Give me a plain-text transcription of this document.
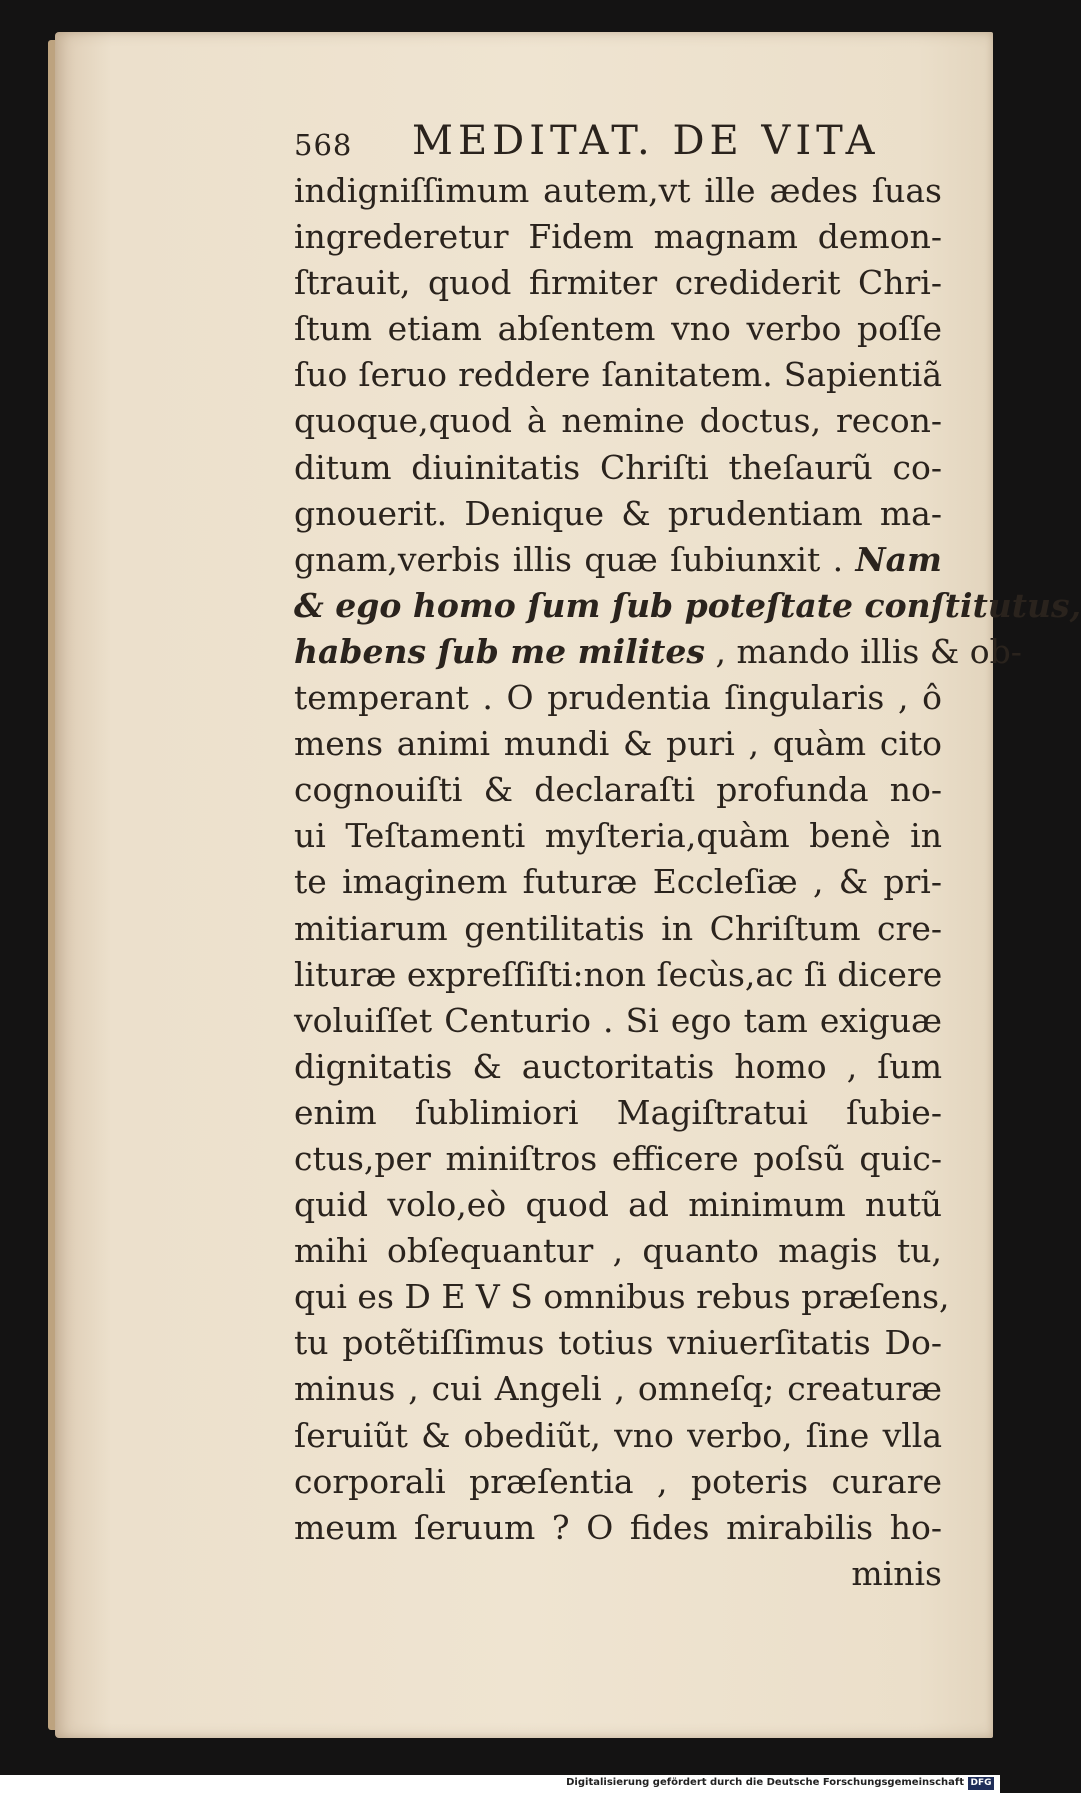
568 MEDITAT. DE VITA
indigniſſimum autem,vt ille ædes ſuas
ingrederetur Fidem magnam demon-
ſtrauit, quod firmiter crediderit Chri-
ſtum etiam abſentem vno verbo poſſe
ſuo ſeruo reddere ſanitatem. Sapientiã
quoque,quod à nemine doctus, recon-
ditum diuinitatis Chriſti theſaurũ co-
gnouerit. Denique & prudentiam ma-
gnam,verbis illis quæ ſubiunxit . Nam
& ego homo ſum ſub poteſtate conſtitutus,
habens ſub me milites , mando illis & ob-
temperant . O prudentia ſingularis , ô
mens animi mundi & puri , quàm cito
cognouiſti & declaraſti profunda no-
ui Teſtamenti myſteria,quàm benè in
te imaginem futuræ Eccleſiæ , & pri-
mitiarum gentilitatis in Chriſtum cre-
lituræ expreſſiſti:non ſecùs,ac ſi dicere
voluiſſet Centurio . Si ego tam exiguæ
dignitatis & auctoritatis homo , ſum
enim ſublimiori Magiſtratui ſubie-
ctus,per miniſtros efficere poſsũ quic-
quid volo,eò quod ad minimum nutũ
mihi obſequantur , quanto magis tu,
qui es D E V S omnibus rebus præſens,
tu potẽtiſſimus totius vniuerſitatis Do-
minus , cui Angeli , omneſq; creaturæ
ſeruiũt & obediũt, vno verbo, ſine vlla
corporali præſentia , poteris curare
meum ſeruum ? O fides mirabilis ho-
minis
Digitalisierung gefördert durch die Deutsche Forschungsgemeinschaft DFG
